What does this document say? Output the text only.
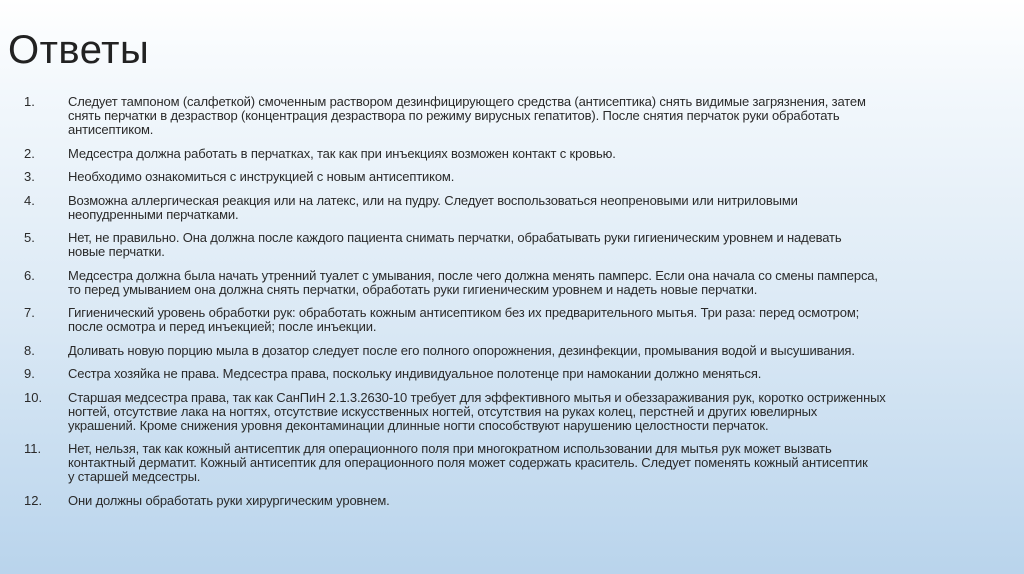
Ответы
1.	Следует тампоном (салфеткой) смоченным раствором дезинфицирующего средства (антисептика) снять видимые загрязнения, затем
снять перчатки в дезраствор (концентрация дезраствора по режиму вирусных гепатитов). После снятия перчаток руки обработать
антисептиком.
2.	Медсестра должна работать в перчатках, так как при инъекциях возможен контакт с кровью.
3.	Необходимо ознакомиться с инструкцией с новым антисептиком.
4.	Возможна аллергическая реакция или на латекс, или на пудру. Следует воспользоваться неопреновыми или нитриловыми
неопудренными перчатками.
5.	Нет, не правильно. Она должна после каждого пациента снимать перчатки, обрабатывать руки гигиеническим уровнем и надевать
новые перчатки.
6.	Медсестра должна была начать утренний туалет с умывания, после чего должна менять памперс. Если она начала со смены памперса,
то перед умыванием она должна снять перчатки, обработать руки гигиеническим уровнем и надеть новые перчатки.
7.	Гигиенический уровень обработки рук: обработать кожным антисептиком без их предварительного мытья. Три раза: перед осмотром;
после осмотра и перед инъекцией; после инъекции.
8.	Доливать новую порцию мыла в дозатор следует после его полного опорожнения, дезинфекции, промывания водой и высушивания.
9.	Сестра хозяйка не права. Медсестра права, поскольку индивидуальное полотенце при намокании должно меняться.
10.	Старшая медсестра права, так как СанПиН 2.1.3.2630-10 требует для эффективного мытья и обеззараживания рук, коротко остриженных
ногтей, отсутствие лака на ногтях, отсутствие искусственных ногтей, отсутствия на руках колец, перстней и других ювелирных
украшений. Кроме снижения уровня деконтаминации длинные ногти способствуют нарушению целостности перчаток.
11.	Нет, нельзя, так как кожный антисептик для операционного поля при многократном использовании для мытья рук может вызвать
контактный дерматит. Кожный антисептик для операционного поля может содержать краситель. Следует поменять кожный антисептик
у старшей медсестры.
12.	Они должны обработать руки хирургическим уровнем.
